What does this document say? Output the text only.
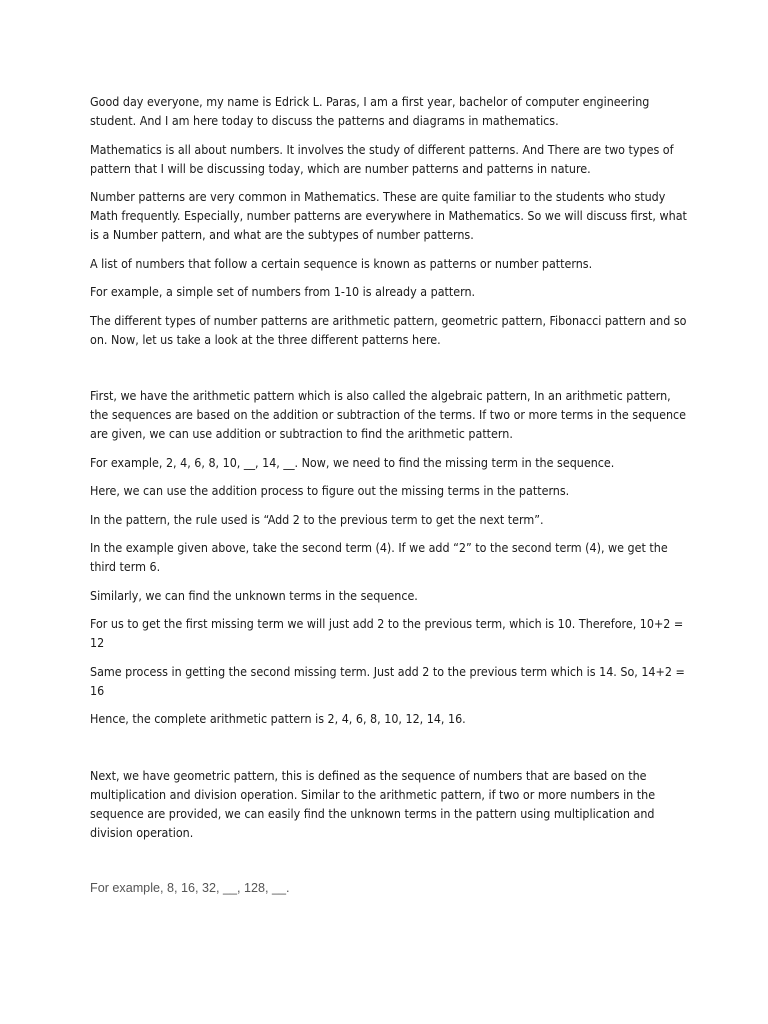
Good day everyone, my name is Edrick L. Paras, I am a first year, bachelor of computer engineering student. And I am here today to discuss the patterns and diagrams in mathematics.

Mathematics is all about numbers. It involves the study of different patterns. And There are two types of pattern that I will be discussing today, which are number patterns and patterns in nature.

Number patterns are very common in Mathematics. These are quite familiar to the students who study Math frequently. Especially, number patterns are everywhere in Mathematics. So we will discuss first, what is a Number pattern, and what are the subtypes of number patterns.

A list of numbers that follow a certain sequence is known as patterns or number patterns.

For example, a simple set of numbers from 1-10 is already a pattern.

The different types of number patterns are arithmetic pattern, geometric pattern, Fibonacci pattern and so on. Now, let us take a look at the three different patterns here.

First, we have the arithmetic pattern which is also called the algebraic pattern, In an arithmetic pattern, the sequences are based on the addition or subtraction of the terms. If two or more terms in the sequence are given, we can use addition or subtraction to find the arithmetic pattern.

For example, 2, 4, 6, 8, 10, __, 14, __. Now, we need to find the missing term in the sequence.

Here, we can use the addition process to figure out the missing terms in the patterns.

In the pattern, the rule used is “Add 2 to the previous term to get the next term”.

In the example given above, take the second term (4). If we add “2” to the second term (4), we get the third term 6.

Similarly, we can find the unknown terms in the sequence.

For us to get the first missing term we will just add 2 to the previous term, which is 10. Therefore, 10+2 = 12

Same process in getting the second missing term. Just add 2 to the previous term which is 14. So, 14+2 = 16

Hence, the complete arithmetic pattern is 2, 4, 6, 8, 10, 12, 14, 16.

Next, we have geometric pattern, this is defined as the sequence of numbers that are based on the multiplication and division operation. Similar to the arithmetic pattern, if two or more numbers in the sequence are provided, we can easily find the unknown terms in the pattern using multiplication and division operation.

For example, 8, 16, 32, __, 128, __.
